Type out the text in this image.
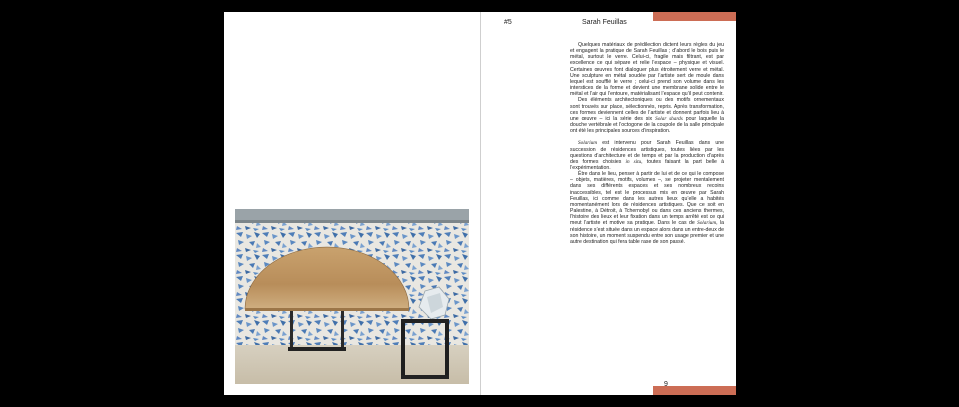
#5	Sarah Feuillas

Quelques matériaux de prédilection dictent leurs règles du jeu et engagent la pratique de Sarah Feuillas ; d’abord le bois puis le métal, surtout le verre. Celui-ci, fragile mais filtrant, est par excellence ce qui sépare et relie l’espace – physique et visuel. Certaines œuvres font dialoguer plus étroitement verre et métal. Une sculpture en métal soudée par l’artiste sert de moule dans lequel est soufflé le verre ; celui-ci prend son volume dans les interstices de la forme et devient une membrane solide entre le métal et l’air qui l’entoure, matérialisant l’espace qu’il peut contenir.

Des éléments architectoniques ou des motifs ornementaux sont trouvés sur place, sélectionnés, repris. Après transformation, ces formes deviennent celles de l’artiste et donnent parfois lieu à une œuvre – ici la série des six Solar shards pour laquelle la douche vertébrale et l’octogone de la coupole de la salle principale ont été les principales sources d’inspiration.

Solarium est intervenu pour Sarah Feuillas dans une succession de résidences artistiques, toutes liées par les questions d’architecture et de temps et par la production d’après des formes choisies in situ, toutes faisant la part belle à l’expérimentation.

Être dans le lieu, penser à partir de lui et de ce qui le compose – objets, matières, motifs, volumes –, se projeter mentalement dans ses différents espaces et ses nombreux recoins inaccessibles, tel est le processus mis en œuvre par Sarah Feuillas, ici comme dans les autres lieux qu’elle a habités momentanément lors de résidences artistiques. Que ce soit en Palestine, à Détroit, à Tchernobyl ou dans ces anciens thermes, l’histoire des lieux et leur fixation dans un temps arrêté est ce qui meut l’artiste et motive sa pratique. Dans le cas de Solarium, la résidence s’est située dans un espace alors dans un entre-deux de son histoire, un moment suspendu entre son usage premier et une autre destination qui fera table rase de son passé.

9
